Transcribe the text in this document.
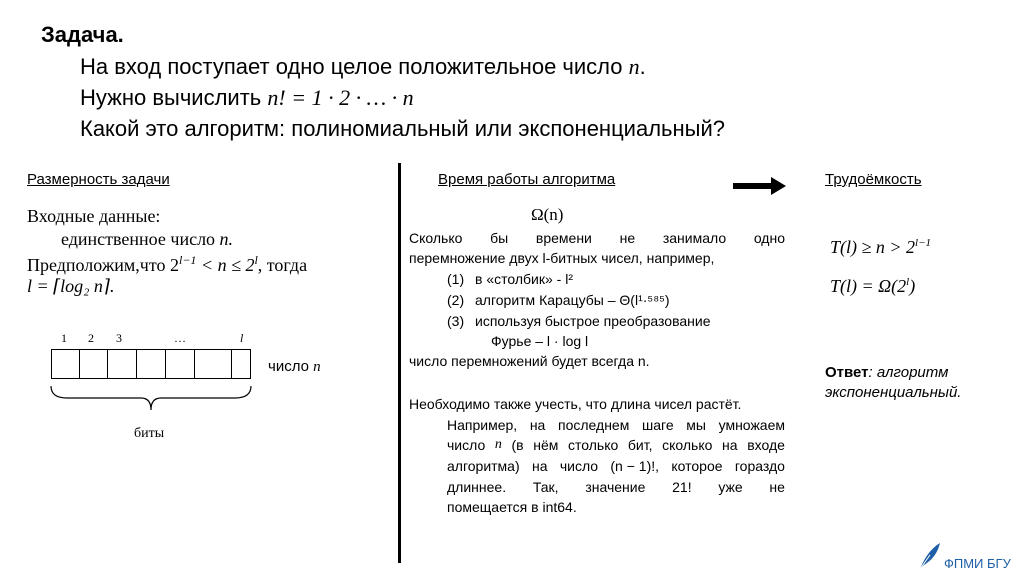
Задача.
На вход поступает одно целое положительное число n.
Нужно вычислить n! = 1 · 2 · … · n
Какой это алгоритм: полиномиальный или экспоненциальный?
Размерность задачи
Входные данные:
единственное число n.
Предположим,что $2^{l-1} < n \le 2^l$, тогда
l = ⌈log₂ n⌉.
1 2 3	…	l
биты
число n
Время работы алгоритма
Ω(n)
Сколько бы времени не занимало одно
перемножение двух l-битных чисел, например,
(1) в «столбик» - l²
(2) алгоритм Карацубы – Θ(l¹·⁵⁸⁵)
(3) используя быстрое преобразование
Фурье – l · log l
число перемножений будет всегда n.
Необходимо также учесть, что длина чисел растёт.
Например, на последнем шаге мы умножаем
число n (в нём столько бит, сколько на входе
алгоритма) на число (n − 1)!, которое гораздо
длиннее. Так, значение 21! уже не
помещается в int64.
Трудоёмкость
$T(l) \ge n > 2^{l-1}$
$T(l) = \Omega(2^l)$
Ответ: алгоритм
экспоненциальный.
ФПМИ БГУ
